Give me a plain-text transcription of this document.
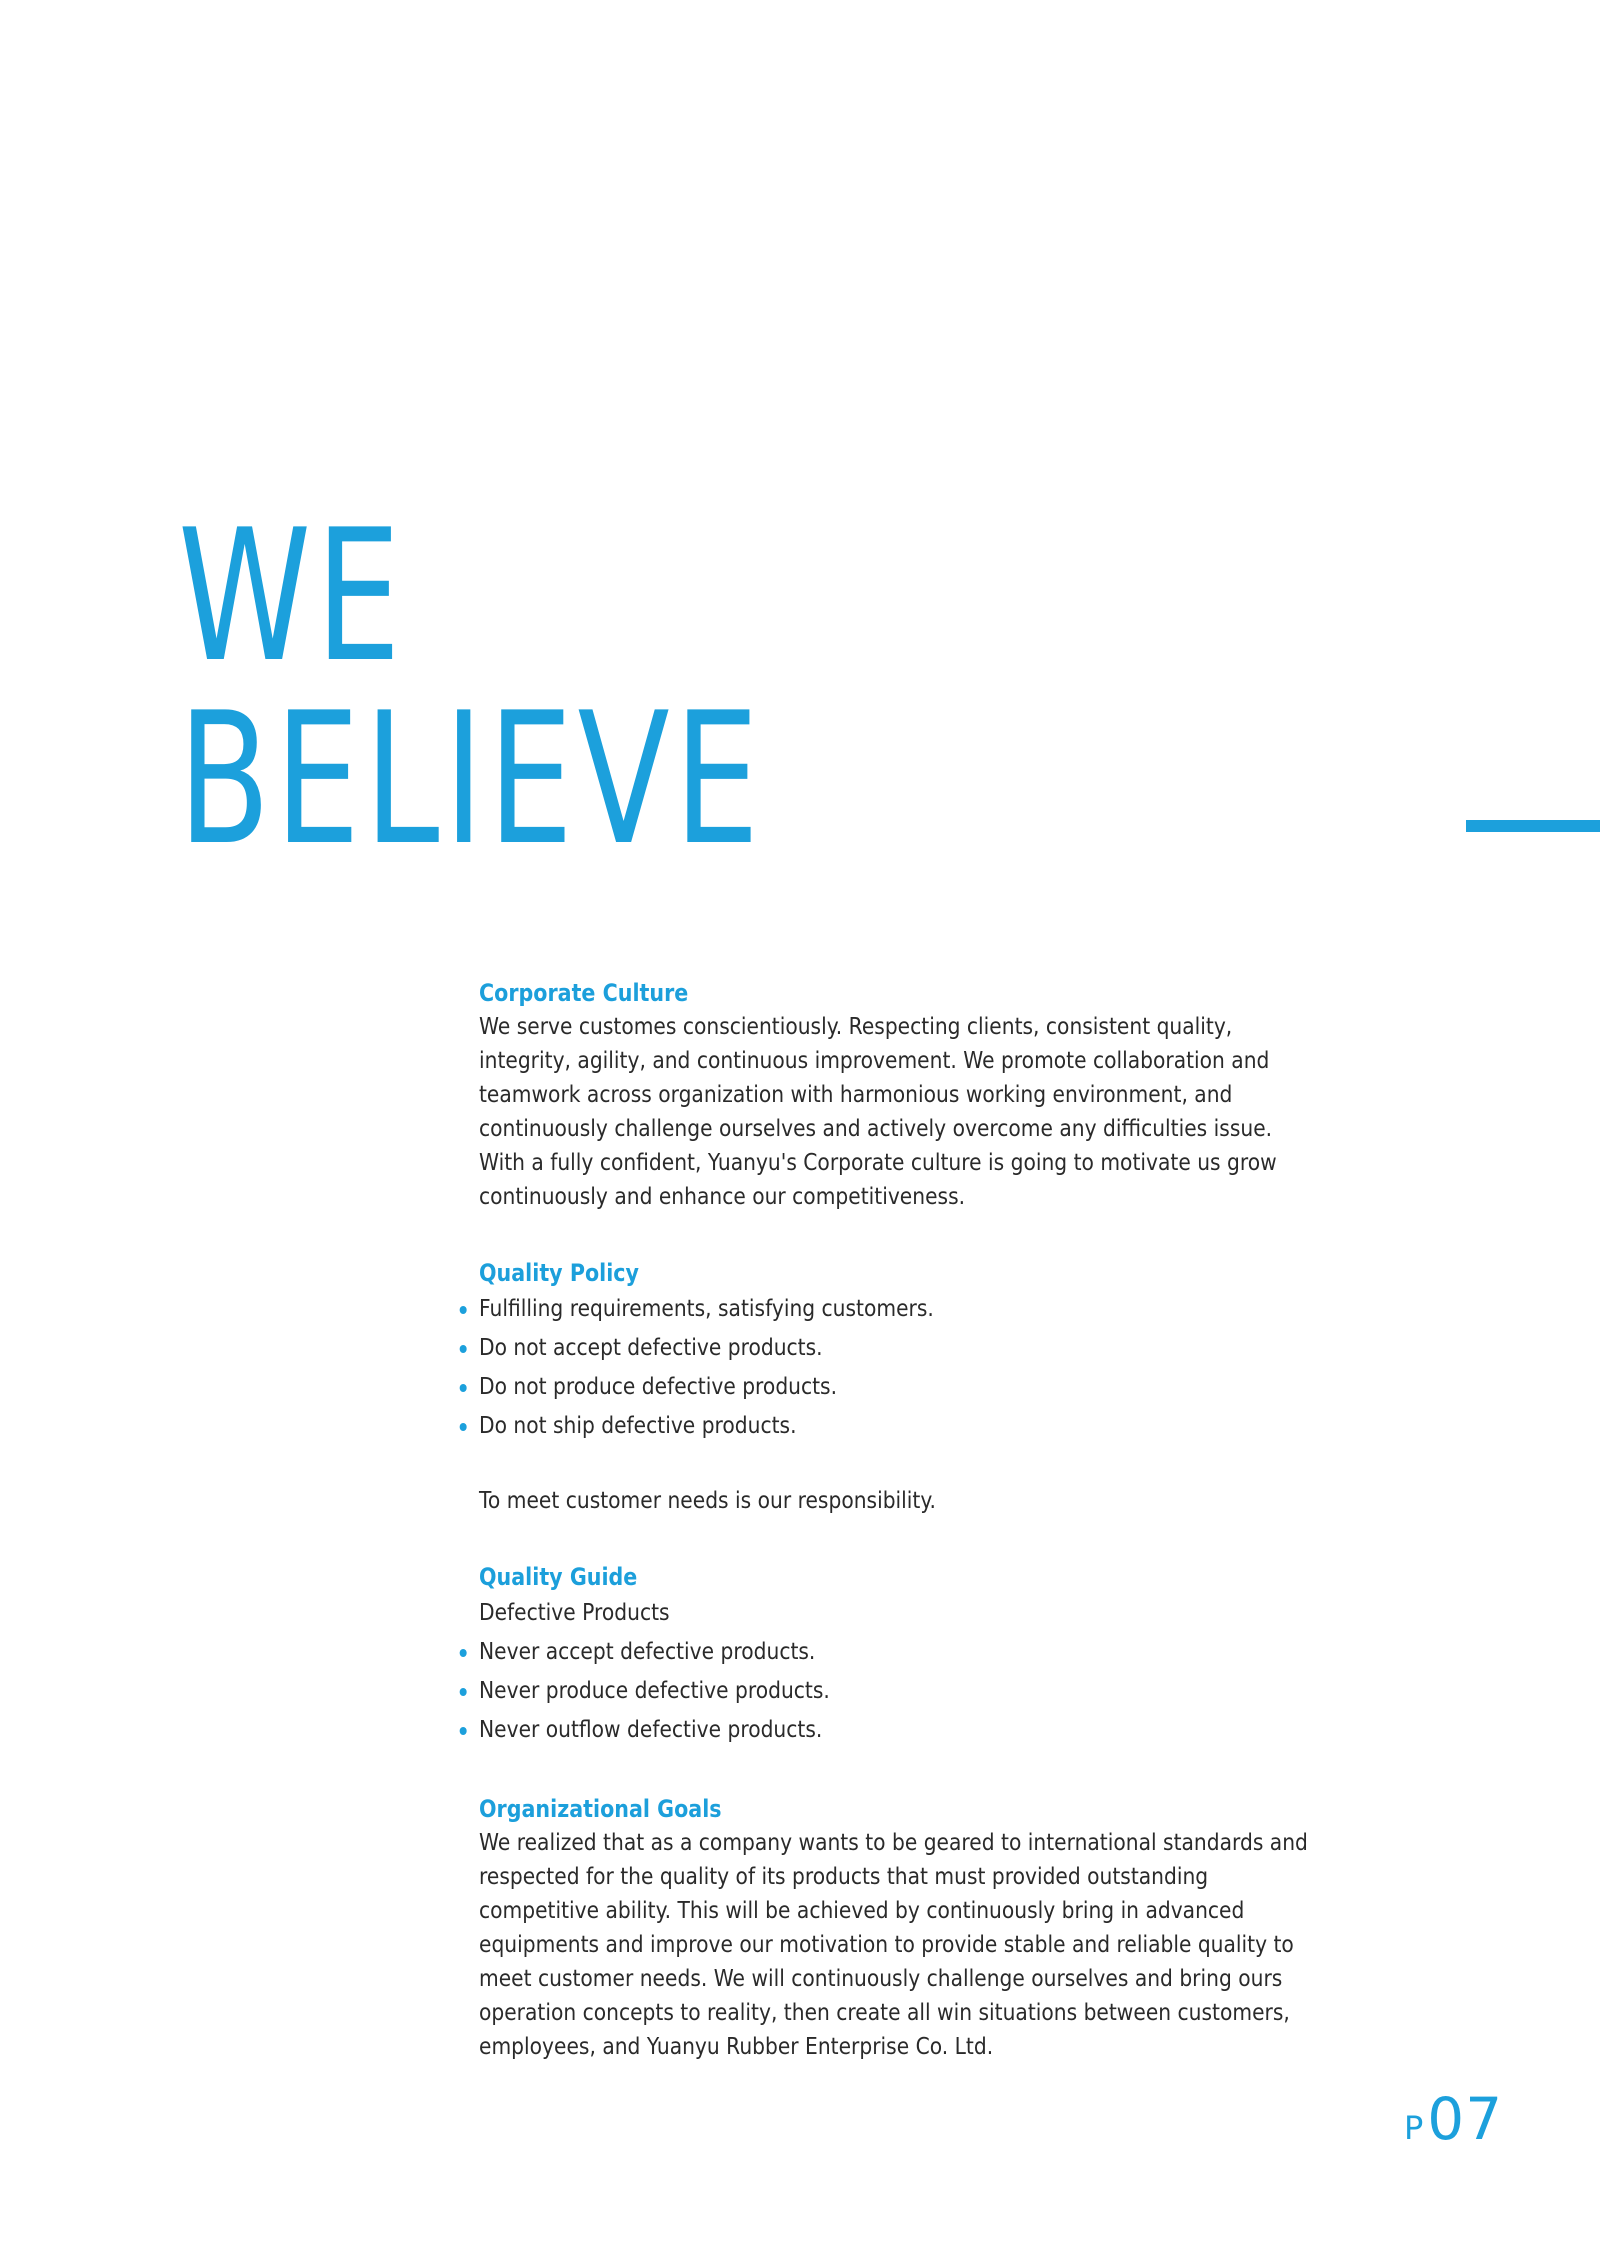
WE
BELIEVE
Corporate Culture

We serve customes conscientiously. Respecting clients, consistent quality, integrity, agility, and continuous improvement. We promote collaboration and teamwork across organization with harmonious working environment, and continuously challenge ourselves and actively overcome any difficulties issue. With a fully confident, Yuanyu's Corporate culture is going to motivate us grow continuously and enhance our competitiveness.

Quality Policy
Fulfilling requirements, satisfying customers.
Do not accept defective products.
Do not produce defective products.
Do not ship defective products.

To meet customer needs is our responsibility.

Quality Guide
Defective Products
Never accept defective products.
Never produce defective products.
Never outflow defective products.
Organizational Goals

We realized that as a company wants to be geared to international standards and respected for the quality of its products that must provided outstanding competitive ability. This will be achieved by continuously bring in advanced equipments and improve our motivation to provide stable and reliable quality to meet customer needs. We will continuously challenge ourselves and bring ours operation concepts to reality, then create all win situations between customers, employees, and Yuanyu Rubber Enterprise Co. Ltd.

P07
